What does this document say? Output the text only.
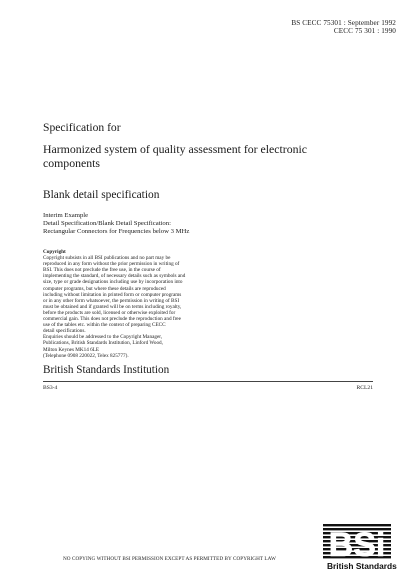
BS CECC 75301 : September 1992
CECC 75 301 : 1990
Specification for
Harmonized system of quality assessment for electronic components
Blank detail specification
Interim Example
Detail Specification/Blank Detail Specification:
Rectangular Connectors for Frequencies below 3 MHz
Copyright
Copyright subsists in all BSI publications and no part may be
reproduced in any form without the prior permission in writing of
BSI. This does not preclude the free use, in the course of
implementing the standard, of necessary details such as symbols and
size, type or grade designations including use by incorporation into
computer programs, but where these details are reproduced
including without limitation in printed form or computer programs
or in any other form whatsoever, the permission in writing of BSI
must be obtained and if granted will be on terms including royalty,
before the products are sold, licensed or otherwise exploited for
commercial gain. This does not preclude the reproduction and free
use of the tables etc. within the context of preparing CECC
detail specifications.
Enquiries should be addressed to the Copyright Manager,
Publications, British Standards Institution, Linford Wood,
Milton Keynes MK14 6LE
(Telephone 0908 220022, Telex 825777).
British Standards Institution
BS3-4	RCL21
NO COPYING WITHOUT BSI PERMISSION EXCEPT AS PERMITTED BY COPYRIGHT LAW BSi
British Standards
